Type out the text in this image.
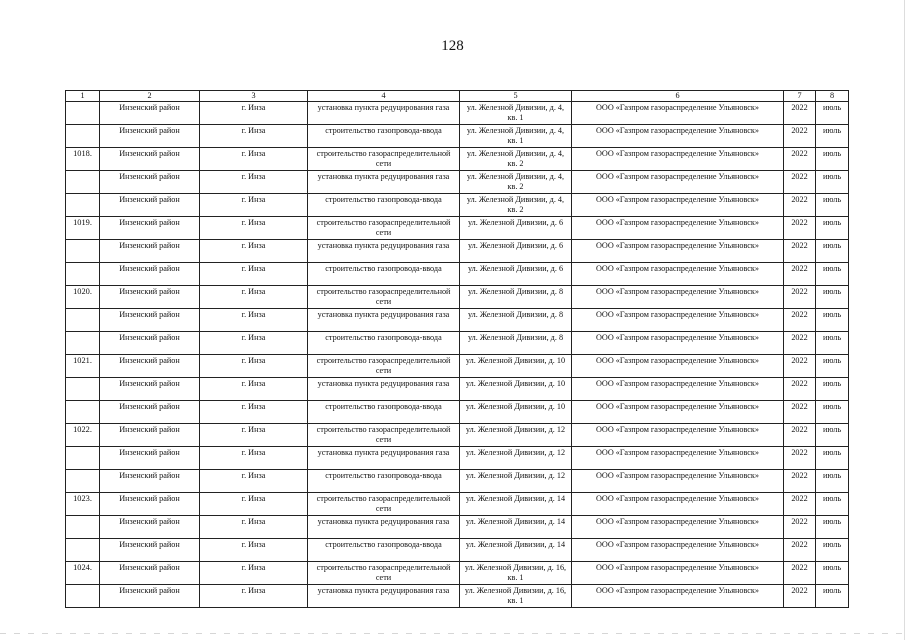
128
1	2	3	4	5	6	7	8
	Инзенский район	г. Инза	установка пункта редуцирования газа	ул. Железной Дивизии, д. 4, кв. 1	ООО «Газпром газораспределение Ульяновск»	2022	июль
	Инзенский район	г. Инза	строительство газопровода-ввода	ул. Железной Дивизии, д. 4, кв. 1	ООО «Газпром газораспределение Ульяновск»	2022	июль
1018.	Инзенский район	г. Инза	строительство газораспределительной сети	ул. Железной Дивизии, д. 4, кв. 2	ООО «Газпром газораспределение Ульяновск»	2022	июль
	Инзенский район	г. Инза	установка пункта редуцирования газа	ул. Железной Дивизии, д. 4, кв. 2	ООО «Газпром газораспределение Ульяновск»	2022	июль
	Инзенский район	г. Инза	строительство газопровода-ввода	ул. Железной Дивизии, д. 4, кв. 2	ООО «Газпром газораспределение Ульяновск»	2022	июль
1019.	Инзенский район	г. Инза	строительство газораспределительной сети	ул. Железной Дивизии, д. 6	ООО «Газпром газораспределение Ульяновск»	2022	июль
	Инзенский район	г. Инза	установка пункта редуцирования газа	ул. Железной Дивизии, д. 6	ООО «Газпром газораспределение Ульяновск»	2022	июль
	Инзенский район	г. Инза	строительство газопровода-ввода	ул. Железной Дивизии, д. 6	ООО «Газпром газораспределение Ульяновск»	2022	июль
1020.	Инзенский район	г. Инза	строительство газораспределительной сети	ул. Железной Дивизии, д. 8	ООО «Газпром газораспределение Ульяновск»	2022	июль
	Инзенский район	г. Инза	установка пункта редуцирования газа	ул. Железной Дивизии, д. 8	ООО «Газпром газораспределение Ульяновск»	2022	июль
	Инзенский район	г. Инза	строительство газопровода-ввода	ул. Железной Дивизии, д. 8	ООО «Газпром газораспределение Ульяновск»	2022	июль
1021.	Инзенский район	г. Инза	строительство газораспределительной сети	ул. Железной Дивизии, д. 10	ООО «Газпром газораспределение Ульяновск»	2022	июль
	Инзенский район	г. Инза	установка пункта редуцирования газа	ул. Железной Дивизии, д. 10	ООО «Газпром газораспределение Ульяновск»	2022	июль
	Инзенский район	г. Инза	строительство газопровода-ввода	ул. Железной Дивизии, д. 10	ООО «Газпром газораспределение Ульяновск»	2022	июль
1022.	Инзенский район	г. Инза	строительство газораспределительной сети	ул. Железной Дивизии, д. 12	ООО «Газпром газораспределение Ульяновск»	2022	июль
	Инзенский район	г. Инза	установка пункта редуцирования газа	ул. Железной Дивизии, д. 12	ООО «Газпром газораспределение Ульяновск»	2022	июль
	Инзенский район	г. Инза	строительство газопровода-ввода	ул. Железной Дивизии, д. 12	ООО «Газпром газораспределение Ульяновск»	2022	июль
1023.	Инзенский район	г. Инза	строительство газораспределительной сети	ул. Железной Дивизии, д. 14	ООО «Газпром газораспределение Ульяновск»	2022	июль
	Инзенский район	г. Инза	установка пункта редуцирования газа	ул. Железной Дивизии, д. 14	ООО «Газпром газораспределение Ульяновск»	2022	июль
	Инзенский район	г. Инза	строительство газопровода-ввода	ул. Железной Дивизии, д. 14	ООО «Газпром газораспределение Ульяновск»	2022	июль
1024.	Инзенский район	г. Инза	строительство газораспределительной сети	ул. Железной Дивизии, д. 16, кв. 1	ООО «Газпром газораспределение Ульяновск»	2022	июль
	Инзенский район	г. Инза	установка пункта редуцирования газа	ул. Железной Дивизии, д. 16, кв. 1	ООО «Газпром газораспределение Ульяновск»	2022	июль
